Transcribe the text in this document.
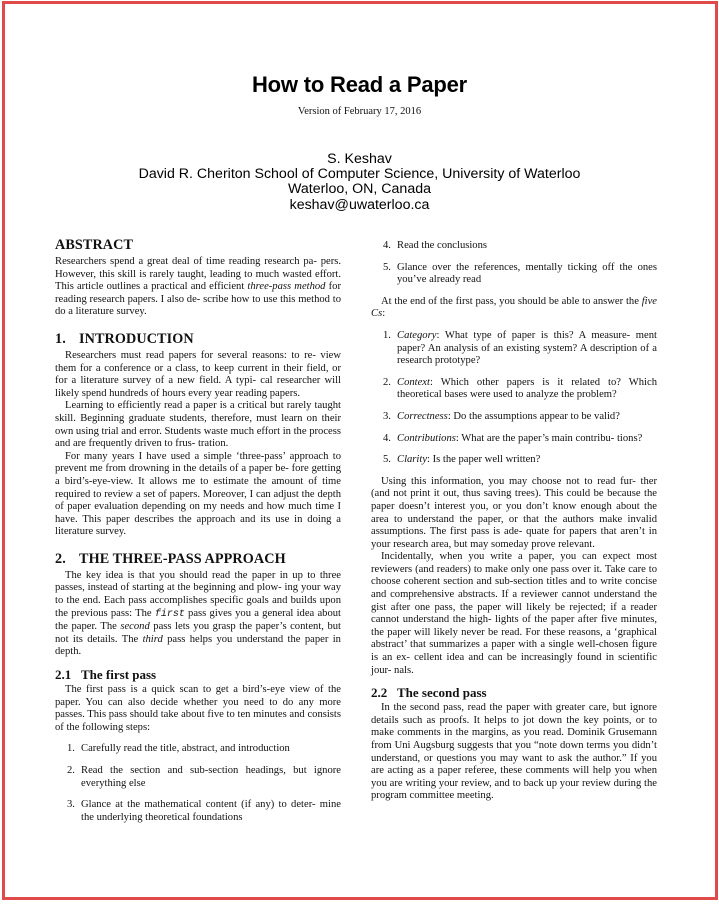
How to Read a Paper
Version of February 17, 2016
S. Keshav
David R. Cheriton School of Computer Science, University of Waterloo
Waterloo, ON, Canada
keshav@uwaterloo.ca
ABSTRACT

Researchers spend a great deal of time reading research pa- pers. However, this skill is rarely taught, leading to much wasted effort. This article outlines a practical and efficient three-pass method for reading research papers. I also de- scribe how to use this method to do a literature survey.

1. INTRODUCTION

Researchers must read papers for several reasons: to re- view them for a conference or a class, to keep current in their field, or for a literature survey of a new field. A typi- cal researcher will likely spend hundreds of hours every year reading papers.

Learning to efficiently read a paper is a critical but rarely taught skill. Beginning graduate students, therefore, must learn on their own using trial and error. Students waste much effort in the process and are frequently driven to frus- tration.

For many years I have used a simple ‘three-pass’ approach to prevent me from drowning in the details of a paper be- fore getting a bird’s-eye-view. It allows me to estimate the amount of time required to review a set of papers. Moreover, I can adjust the depth of paper evaluation depending on my needs and how much time I have. This paper describes the approach and its use in doing a literature survey.

2. THE THREE-PASS APPROACH

The key idea is that you should read the paper in up to three passes, instead of starting at the beginning and plow- ing your way to the end. Each pass accomplishes specific goals and builds upon the previous pass: The first pass gives you a general idea about the paper. The second pass lets you grasp the paper’s content, but not its details. The third pass helps you understand the paper in depth.

2.1 The first pass

The first pass is a quick scan to get a bird’s-eye view of the paper. You can also decide whether you need to do any more passes. This pass should take about five to ten minutes and consists of the following steps:

1. Carefully read the title, abstract, and introduction
2. Read the section and sub-section headings, but ignore everything else
3. Glance at the mathematical content (if any) to deter- mine the underlying theoretical foundations
4. Read the conclusions
5. Glance over the references, mentally ticking off the ones you’ve already read

At the end of the first pass, you should be able to answer the five Cs:

1. Category: What type of paper is this? A measure- ment paper? An analysis of an existing system? A description of a research prototype?
2. Context: Which other papers is it related to? Which theoretical bases were used to analyze the problem?
3. Correctness: Do the assumptions appear to be valid?
4. Contributions: What are the paper’s main contribu- tions?
5. Clarity: Is the paper well written?

Using this information, you may choose not to read fur- ther (and not print it out, thus saving trees). This could be because the paper doesn’t interest you, or you don’t know enough about the area to understand the paper, or that the authors make invalid assumptions. The first pass is ade- quate for papers that aren’t in your research area, but may someday prove relevant.

Incidentally, when you write a paper, you can expect most reviewers (and readers) to make only one pass over it. Take care to choose coherent section and sub-section titles and to write concise and comprehensive abstracts. If a reviewer cannot understand the gist after one pass, the paper will likely be rejected; if a reader cannot understand the high- lights of the paper after five minutes, the paper will likely never be read. For these reasons, a ‘graphical abstract’ that summarizes a paper with a single well-chosen figure is an ex- cellent idea and can be increasingly found in scientific jour- nals.

2.2 The second pass

In the second pass, read the paper with greater care, but ignore details such as proofs. It helps to jot down the key points, or to make comments in the margins, as you read. Dominik Grusemann from Uni Augsburg suggests that you “note down terms you didn’t understand, or questions you may want to ask the author.” If you are acting as a paper referee, these comments will help you when you are writing your review, and to back up your review during the program committee meeting.
